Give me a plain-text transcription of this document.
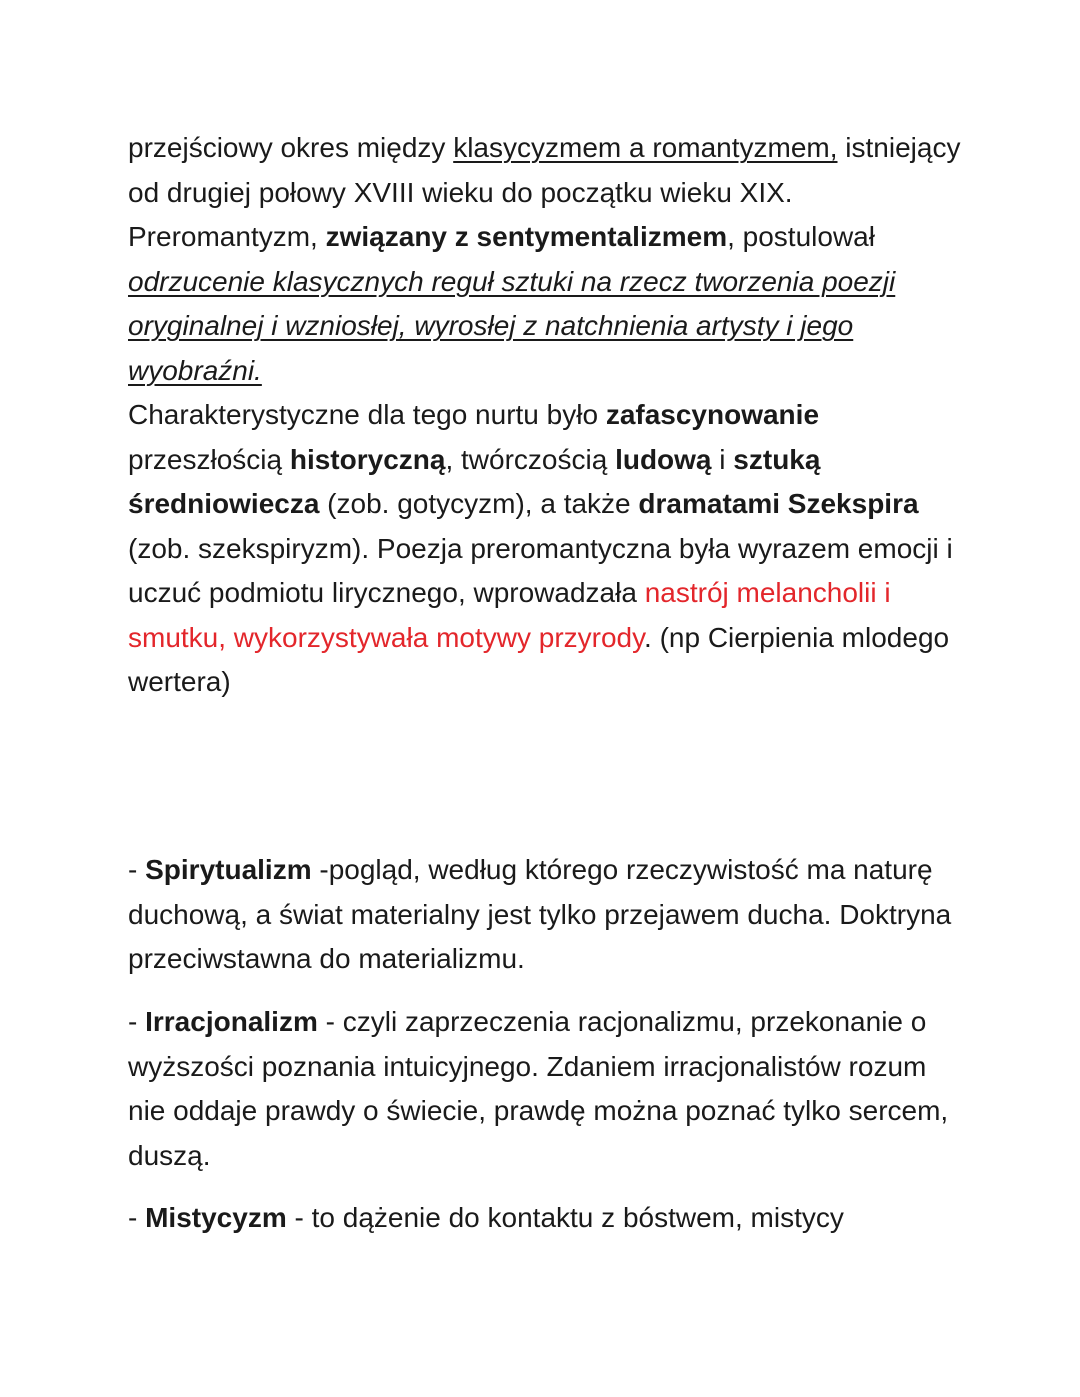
przejściowy okres między klasycyzmem a romantyzmem, istniejący od drugiej połowy XVIII wieku do początku wieku XIX. Preromantyzm, związany z sentymentalizmem, postulował odrzucenie klasycznych reguł sztuki na rzecz tworzenia poezji oryginalnej i wzniosłej, wyrosłej z natchnienia artysty i jego wyobraźni.

Charakterystyczne dla tego nurtu było zafascynowanie przeszłością historyczną, twórczością ludową i sztuką średniowiecza (zob. gotycyzm), a także dramatami Szekspira (zob. szekspiryzm). Poezja preromantyczna była wyrazem emocji i uczuć podmiotu lirycznego, wprowadzała nastrój melancholii i smutku, wykorzystywała motywy przyrody. (np Cierpienia mlodego wertera)

- Spirytualizm -pogląd, według którego rzeczywistość ma naturę duchową, a świat materialny jest tylko przejawem ducha. Doktryna przeciwstawna do materializmu.

- Irracjonalizm - czyli zaprzeczenia racjonalizmu, przekonanie o wyższości poznania intuicyjnego. Zdaniem irracjonalistów rozum nie oddaje prawdy o świecie, prawdę można poznać tylko sercem, duszą.

- Mistycyzm - to dążenie do kontaktu z bóstwem, mistycy
